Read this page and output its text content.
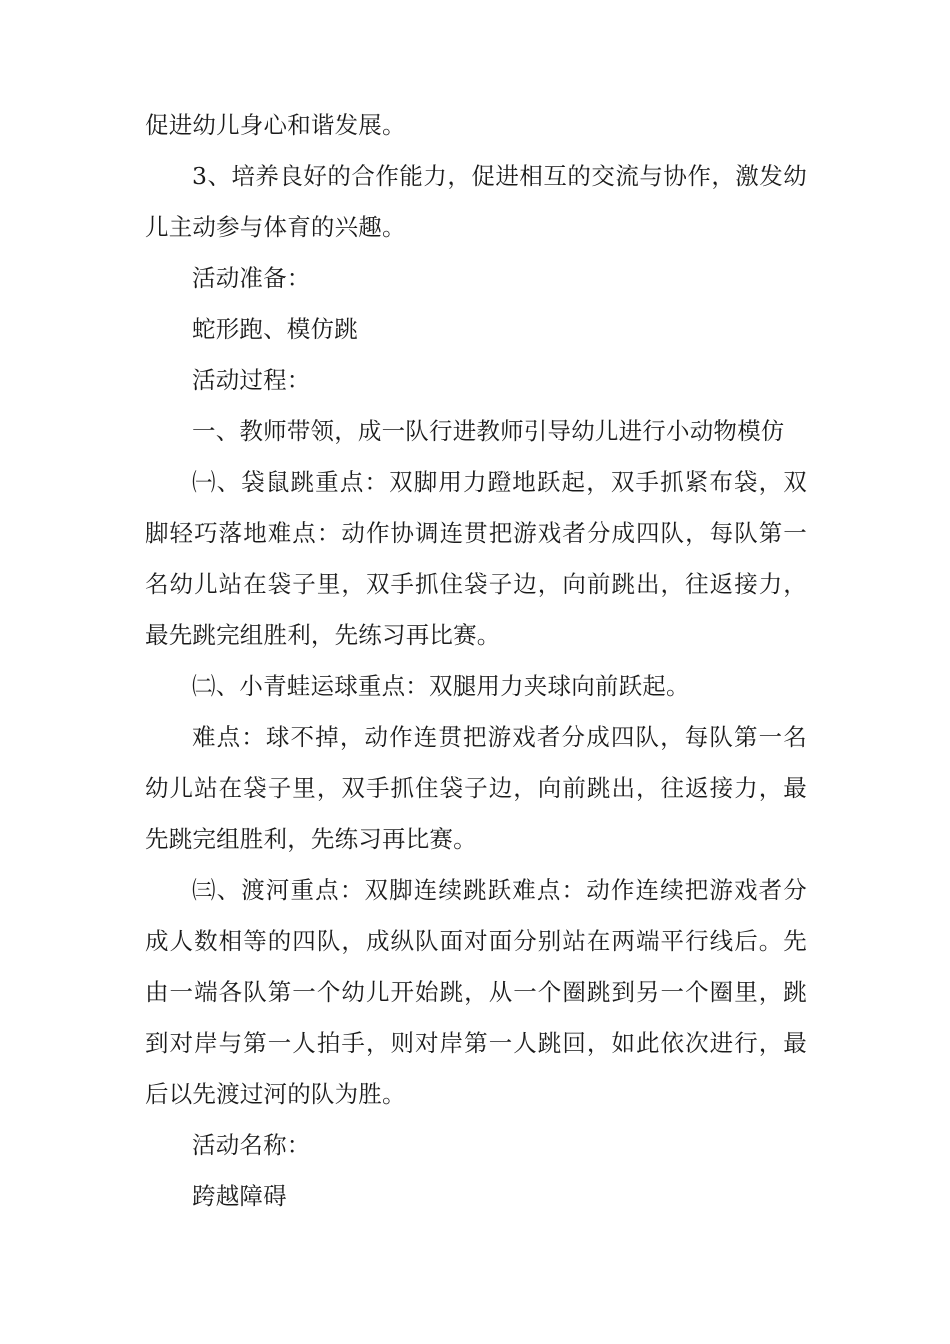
促进幼儿身心和谐发展。

3、培养良好的合作能力，促进相互的交流与协作，激发幼儿主动参与体育的兴趣。

活动准备：

蛇形跑、模仿跳

活动过程：

一、教师带领，成一队行进教师引导幼儿进行小动物模仿

㈠、袋鼠跳重点：双脚用力蹬地跃起，双手抓紧布袋，双脚轻巧落地难点：动作协调连贯把游戏者分成四队，每队第一名幼儿站在袋子里，双手抓住袋子边，向前跳出，往返接力，最先跳完组胜利，先练习再比赛。

㈡、小青蛙运球重点：双腿用力夹球向前跃起。

难点：球不掉，动作连贯把游戏者分成四队，每队第一名幼儿站在袋子里，双手抓住袋子边，向前跳出，往返接力，最先跳完组胜利，先练习再比赛。

㈢、渡河重点：双脚连续跳跃难点：动作连续把游戏者分成人数相等的四队，成纵队面对面分别站在两端平行线后。先由一端各队第一个幼儿开始跳，从一个圈跳到另一个圈里，跳到对岸与第一人拍手，则对岸第一人跳回，如此依次进行，最后以先渡过河的队为胜。

活动名称：

跨越障碍
